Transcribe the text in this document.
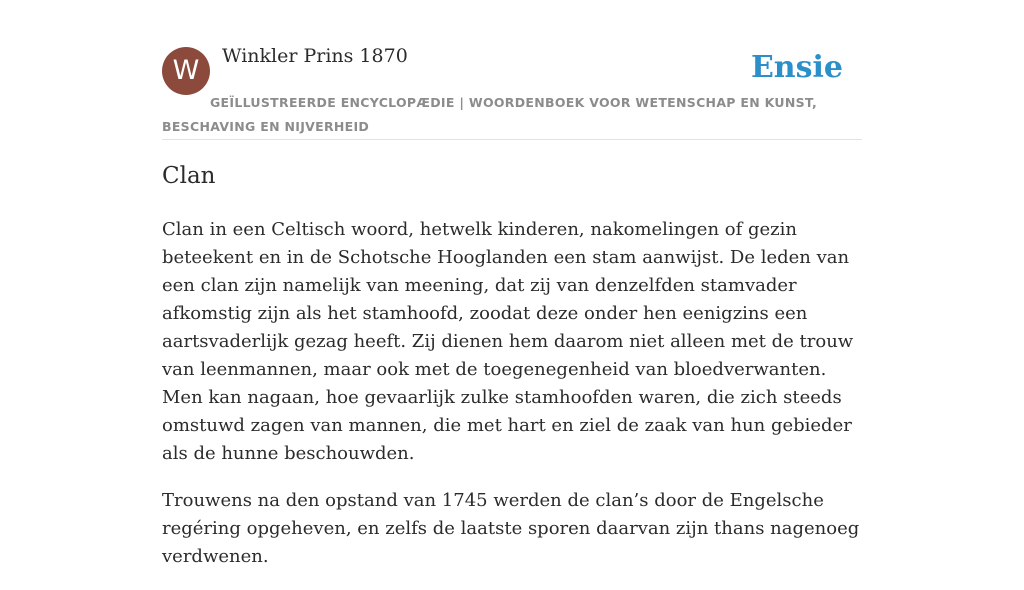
W	Winkler Prins 1870	Ensie
GEÏLLUSTREERDE ENCYCLOPÆDIE | WOORDENBOEK VOOR WETENSCHAP EN KUNST, BESCHAVING EN NIJVERHEID
Clan

Clan in een Celtisch woord, hetwelk kinderen, nakomelingen of gezin beteekent en in de Schotsche Hooglanden een stam aanwijst. De leden van een clan zijn namelijk van meening, dat zij van denzelfden stamvader afkomstig zijn als het stamhoofd, zoodat deze onder hen eenigzins een aartsvaderlijk gezag heeft. Zij dienen hem daarom niet alleen met de trouw van leenmannen, maar ook met de toegenegenheid van bloedverwanten. Men kan nagaan, hoe gevaarlijk zulke stamhoofden waren, die zich steeds omstuwd zagen van mannen, die met hart en ziel de zaak van hun gebieder als de hunne beschouwden.

Trouwens na den opstand van 1745 werden de clan’s door de Engelsche regéring opgeheven, en zelfs de laatste sporen daarvan zijn thans nagenoeg verdwenen.
